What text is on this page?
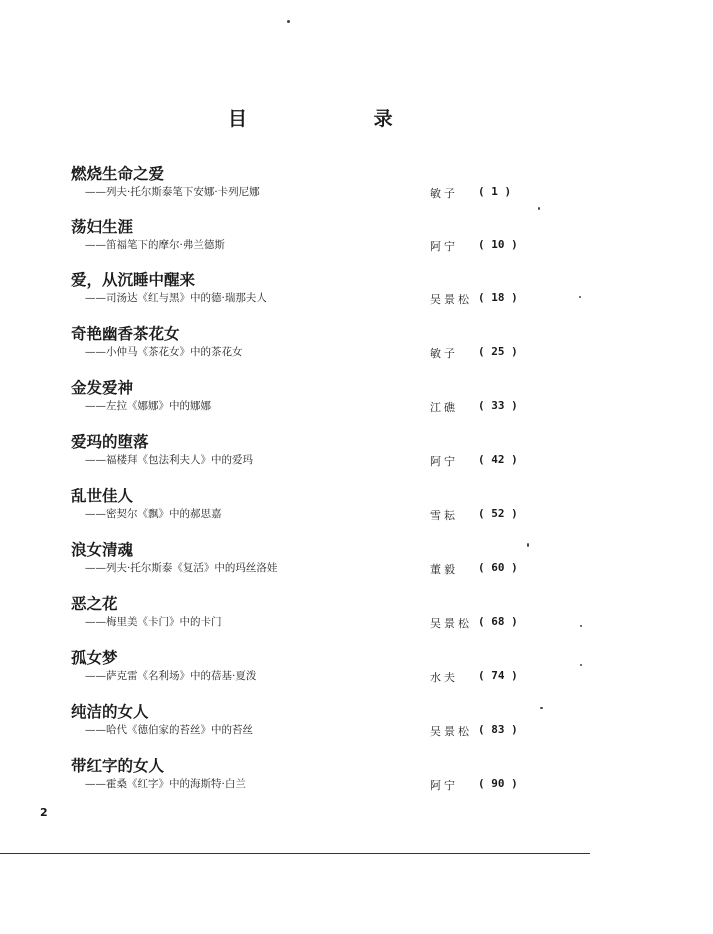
目 录
燃烧生命之爱
——列夫·托尔斯泰笔下安娜·卡列尼娜	敏子	( 1 )
荡妇生涯
——笛福笔下的摩尔·弗兰德斯	阿宁	( 10 )
爱，从沉睡中醒来
——司汤达《红与黑》中的德·瑞那夫人	吴景松 ( 18 )
奇艳幽香茶花女
——小仲马《茶花女》中的茶花女	敏子	( 25 )
金发爱神
——左拉《娜娜》中的娜娜	江礁	( 33 )
爱玛的堕落
——福楼拜《包法利夫人》中的爱玛	阿宁	( 42 )
乱世佳人
——密契尔《飘》中的郝思嘉	雪耘	( 52 )
浪女清魂
——列夫·托尔斯泰《复活》中的玛丝洛娃	董毅	( 60 )
恶之花
——梅里美《卡门》中的卡门	吴景松 ( 68 )
孤女梦
——萨克雷《名利场》中的蓓基·夏泼	水夫	( 74 )
纯洁的女人
——哈代《德伯家的苔丝》中的苔丝	吴景松 ( 83 )
带红字的女人
——霍桑《红字》中的海斯特·白兰	阿宁	( 90 )
2
